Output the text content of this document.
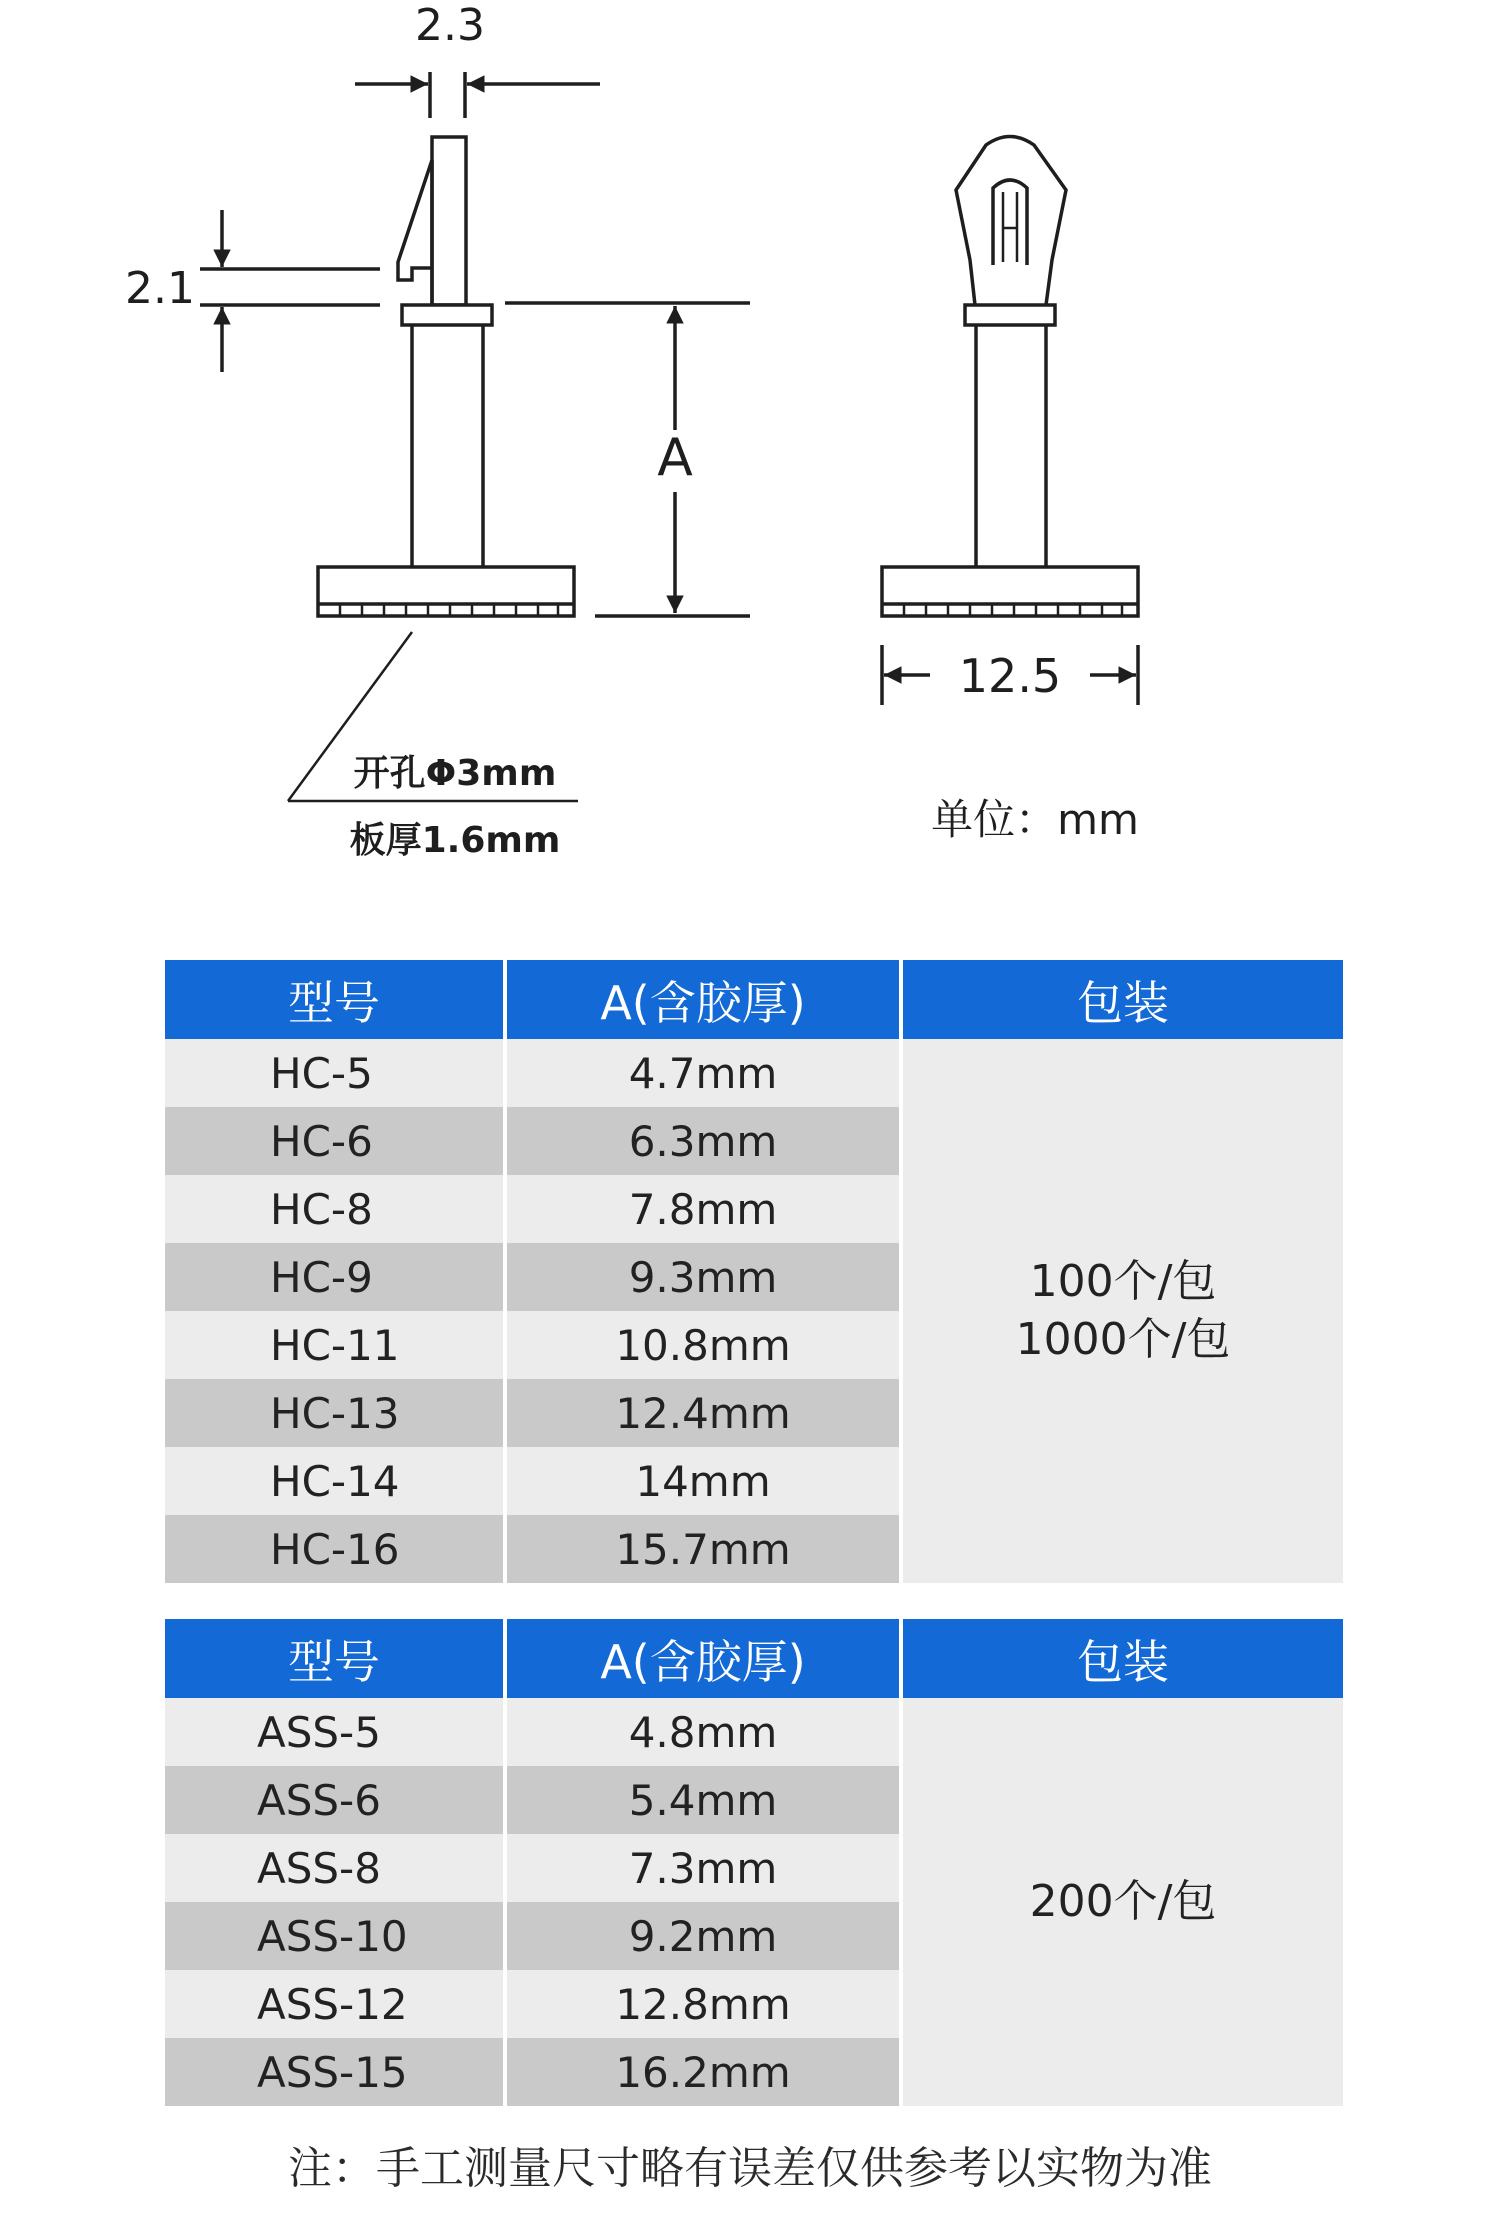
2.3
2.1
A
12.5
开孔Φ3mm
板厚1.6mm	单位：mm
型号	A(含胶厚)	包装
HC-5	4.7mm	100个/包
1000个/包

HC-6	6.3mm	
HC-8	7.8mm	
HC-9	9.3mm	
HC-11	10.8mm	
HC-13	12.4mm	
HC-14	14mm	
HC-16	15.7mm	
型号	A(含胶厚)	包装
ASS-5	4.8mm	200个/包

ASS-6	5.4mm	
ASS-8	7.3mm	
ASS-10	9.2mm	
ASS-12	12.8mm	
ASS-15	16.2mm	
注：手工测量尺寸略有误差仅供参考以实物为准
